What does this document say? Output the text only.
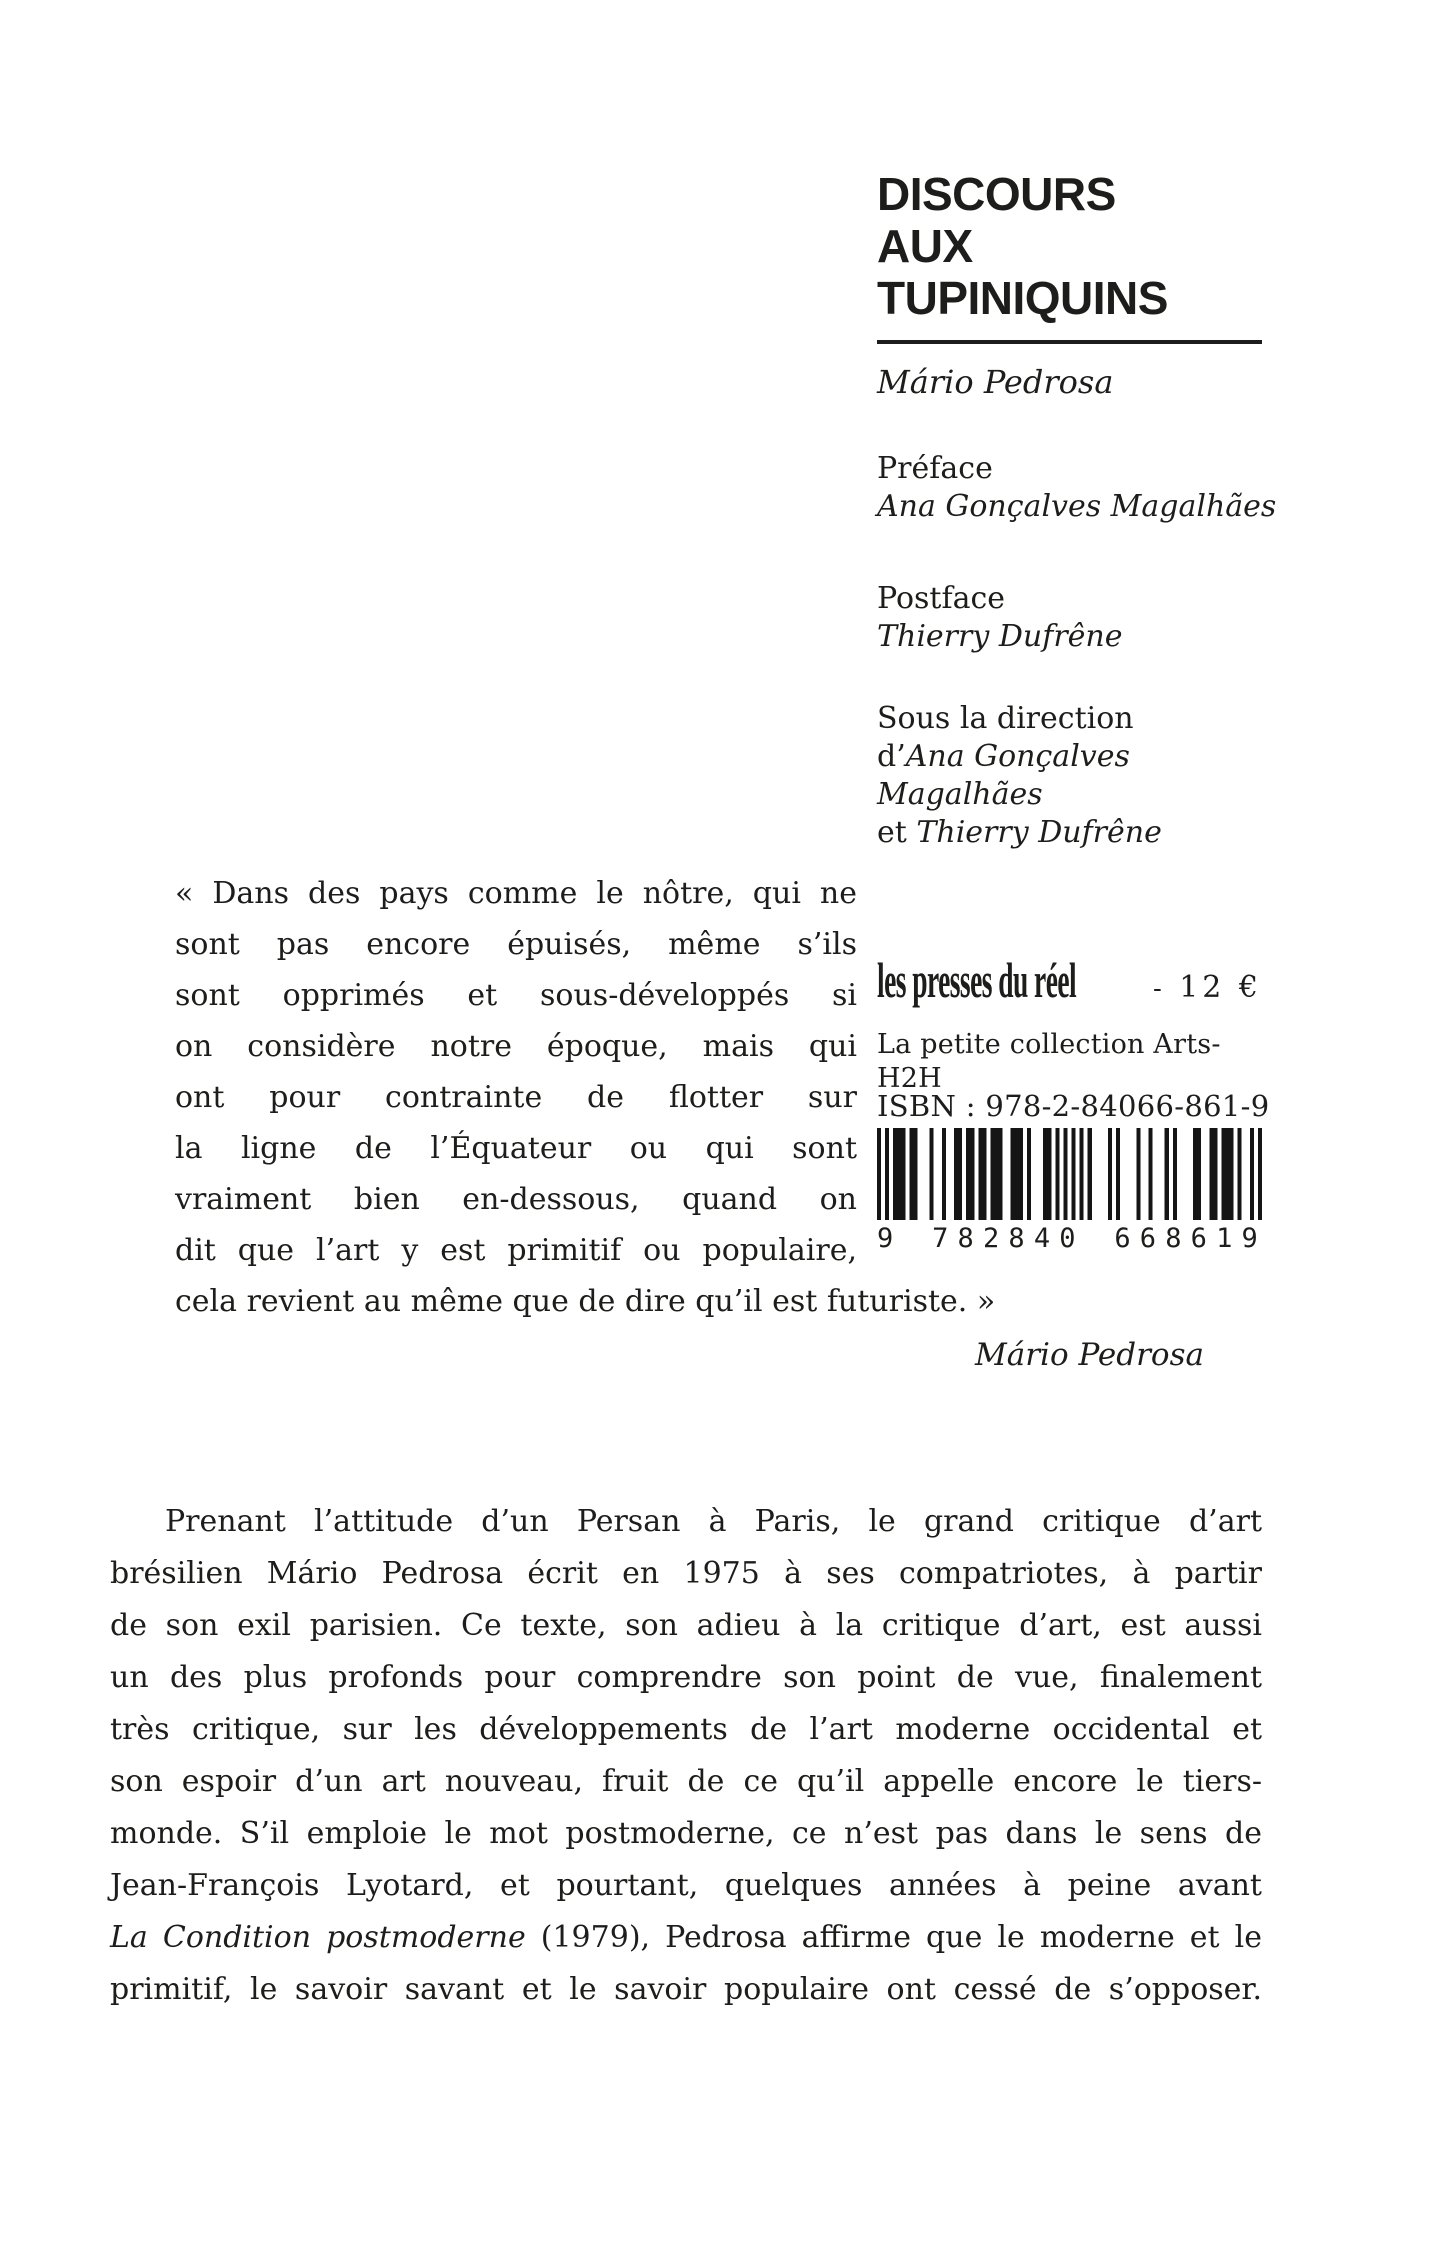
DISCOURS
AUX
TUPINIQUINS
Mário Pedrosa
Préface
Ana Gonçalves Magalhães
Postface
Thierry Dufrêne
Sous la direction
d’Ana Gonçalves
Magalhães
et Thierry Dufrêne
« Dans des pays comme le nôtre, qui ne
sont pas encore épuisés, même s’ils
sont opprimés et sous-développés si
on considère notre époque, mais qui
ont pour contrainte de flotter sur
la ligne de l’Équateur ou qui sont
vraiment bien en-dessous, quand on
dit que l’art y est primitif ou populaire,
cela revient au même que de dire qu’il est futuriste. »
Mário Pedrosa
les presses du réel	- 12 €
La petite collection Arts-H2H
ISBN : 978-2-84066-861-9
9 782840 668619
Prenant l’attitude d’un Persan à Paris, le grand critique d’art
brésilien Mário Pedrosa écrit en 1975 à ses compatriotes, à partir
de son exil parisien. Ce texte, son adieu à la critique d’art, est aussi
un des plus profonds pour comprendre son point de vue, finalement
très critique, sur les développements de l’art moderne occidental et
son espoir d’un art nouveau, fruit de ce qu’il appelle encore le tiers-
monde. S’il emploie le mot postmoderne, ce n’est pas dans le sens de
Jean-François Lyotard, et pourtant, quelques années à peine avant
La Condition postmoderne (1979), Pedrosa affirme que le moderne et le
primitif, le savoir savant et le savoir populaire ont cessé de s’opposer.
